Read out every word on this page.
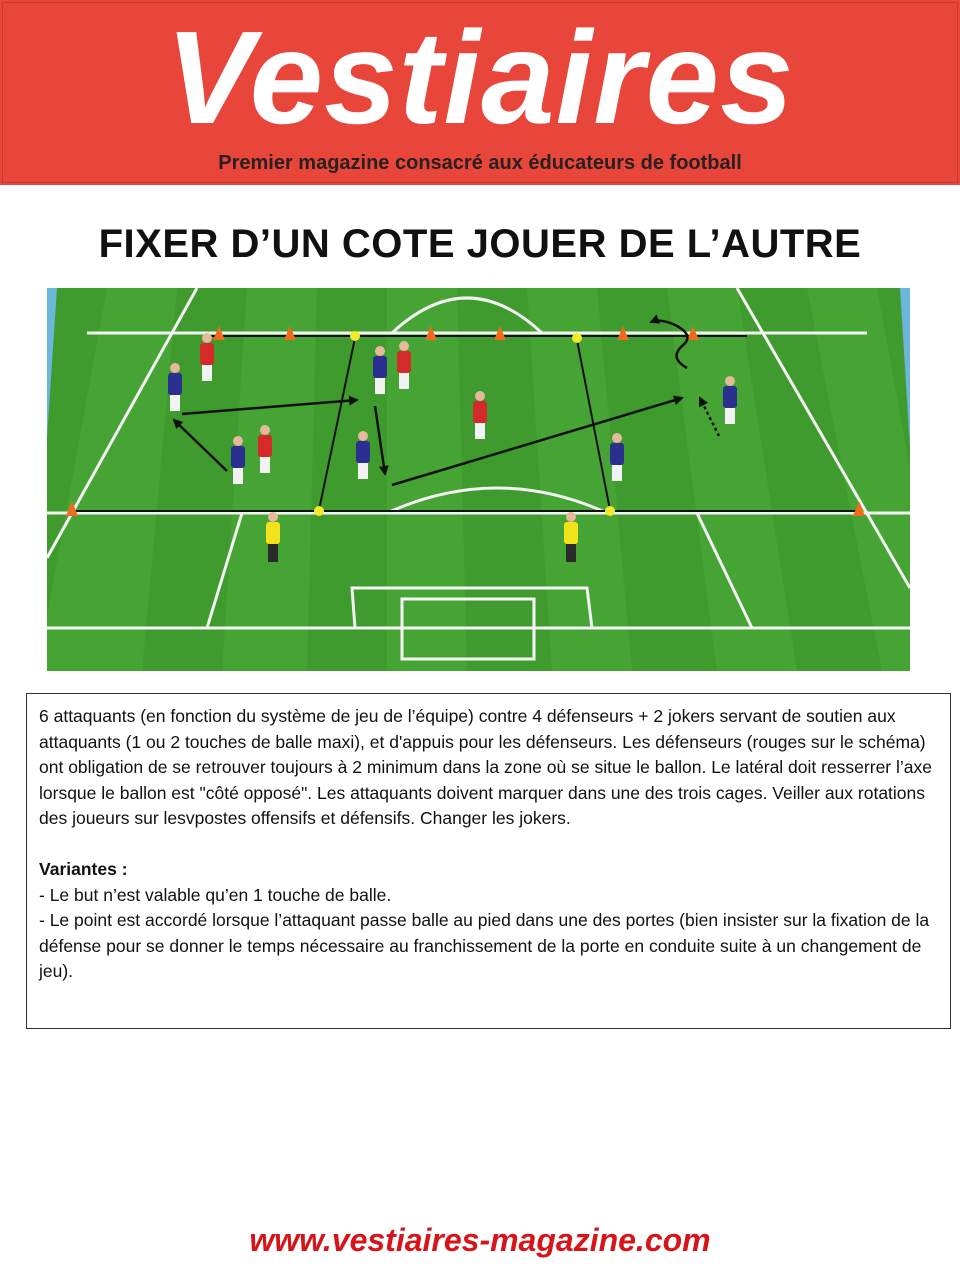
Vestiaires
Premier magazine consacré aux éducateurs de football
FIXER D’UN COTE JOUER DE L’AUTRE

6 attaquants (en fonction du système de jeu de l’équipe) contre 4 défenseurs + 2 jokers servant de soutien aux attaquants (1 ou 2 touches de balle maxi), et d'appuis pour les défenseurs. Les défenseurs (rouges sur le schéma) ont obligation de se retrouver toujours à 2 minimum dans la zone où se situe le ballon. Le latéral doit resserrer l’axe lorsque le ballon est "côté opposé". Les attaquants doivent marquer dans une des trois cages. Veiller aux rotations des joueurs sur lesvpostes offensifs et défensifs. Changer les jokers.

Variantes :

- Le but n’est valable qu’en 1 touche de balle.

- Le point est accordé lorsque l’attaquant passe balle au pied dans une des portes (bien insister sur la fixation de la défense pour se donner le temps nécessaire au franchissement de la porte en conduite suite à un changement de jeu).

www.vestiaires-magazine.com
